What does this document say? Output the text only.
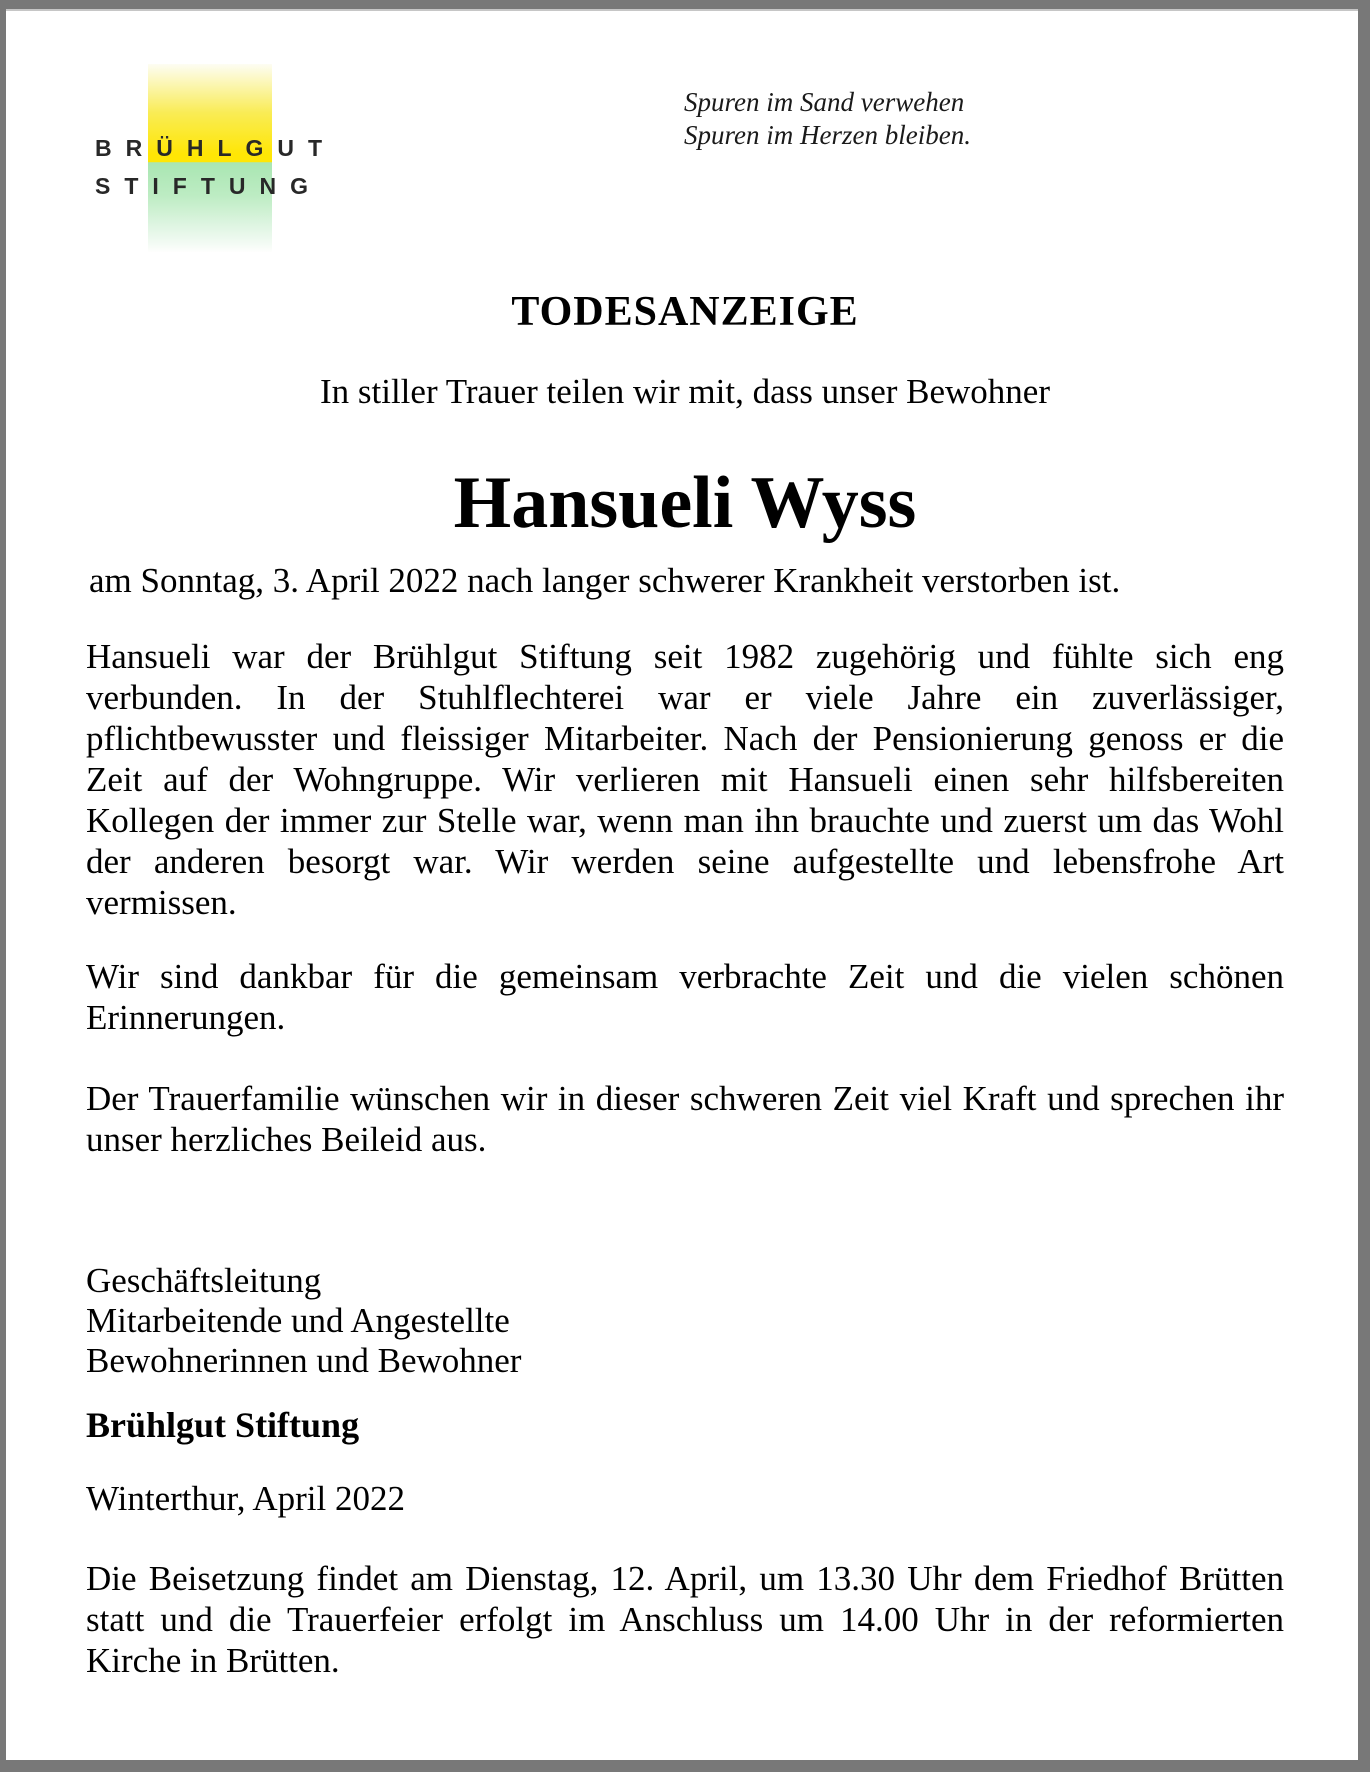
BRÜHLGUT
STIFTUNG
Spuren im Sand verwehen
Spuren im Herzen bleiben.
TODESANZEIGE
In stiller Trauer teilen wir mit, dass unser Bewohner
Hansueli Wyss
am Sonntag, 3. April 2022 nach langer schwerer Krankheit verstorben ist.
Hansueli war der Brühlgut Stiftung seit 1982 zugehörig und fühlte sich eng verbunden. In der Stuhlflechterei war er viele Jahre ein zuverlässiger, pflichtbewusster und fleissiger Mitarbeiter. Nach der Pensionierung genoss er die Zeit auf der Wohngruppe. Wir verlieren mit Hansueli einen sehr hilfsbereiten Kollegen der immer zur Stelle war, wenn man ihn brauchte und zuerst um das Wohl der anderen besorgt war. Wir werden seine aufgestellte und lebensfrohe Art vermissen.
Wir sind dankbar für die gemeinsam verbrachte Zeit und die vielen schönen Erinnerungen.
Der Trauerfamilie wünschen wir in dieser schweren Zeit viel Kraft und sprechen ihr unser herzliches Beileid aus.
Geschäftsleitung
Mitarbeitende und Angestellte
Bewohnerinnen und Bewohner
Brühlgut Stiftung
Winterthur, April 2022
Die Beisetzung findet am Dienstag, 12. April, um 13.30 Uhr dem Friedhof Brütten statt und die Trauerfeier erfolgt im Anschluss um 14.00 Uhr in der reformierten Kirche in Brütten.
